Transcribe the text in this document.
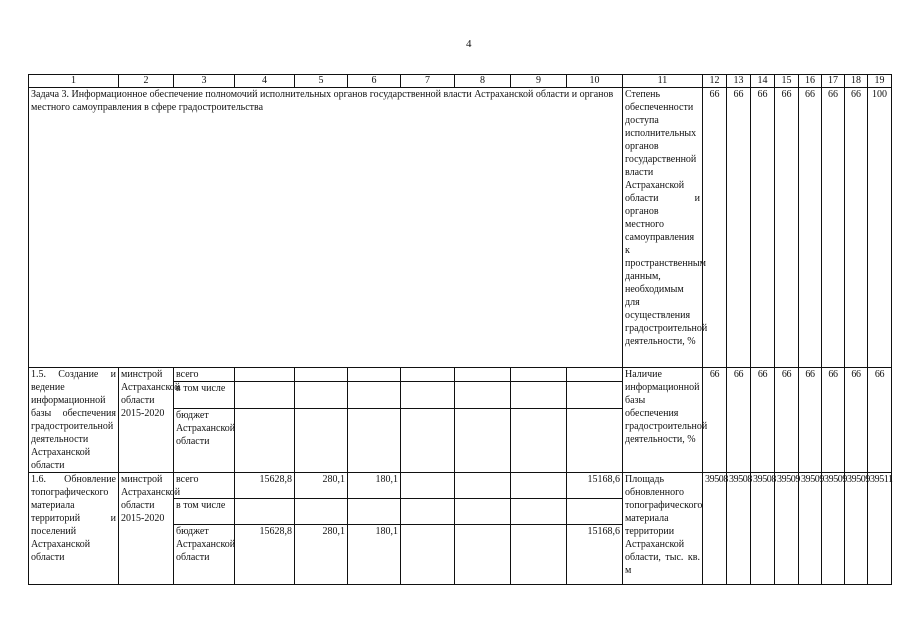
4
1	2	3	4	5	6	7	8	9	10	11	12	13	14	15	16	17	18	19
Задача 3. Информационное обеспечение полномочий исполнительных органов государственной власти Астраханской области и органов местного самоуправления в сфере градостроительства										Степень обеспеченности доступа исполнительных органов государственной власти Астраханской области и органов местного самоуправления к пространственным данным, необходимым для осуществления градостроительной деятельности, %	66	66	66	66	66	66	66	100
1.5. Создание и ведение информационной базы обеспечения градостроительной деятельности Астраханской области	минстрой Астраханской области 2015-2020	всего								Наличие информационной базы обеспечения градостроительной деятельности, %	66	66	66	66	66	66	66	66
		в том числе																
		бюджет Астраханской области																
1.6. Обновление топографического материала территорий и поселений Астраханской области	минстрой Астраханской области 2015-2020	всего	15628,8	280,1	180,1				15168,6	Площадь обновленного топографического материала территории Астраханской области, тыс. кв. м	39508	39508	39508	39509	39509	39509	39509	39511
		в том числе																
		бюджет Астраханской области	15628,8	280,1	180,1				15168,6									
